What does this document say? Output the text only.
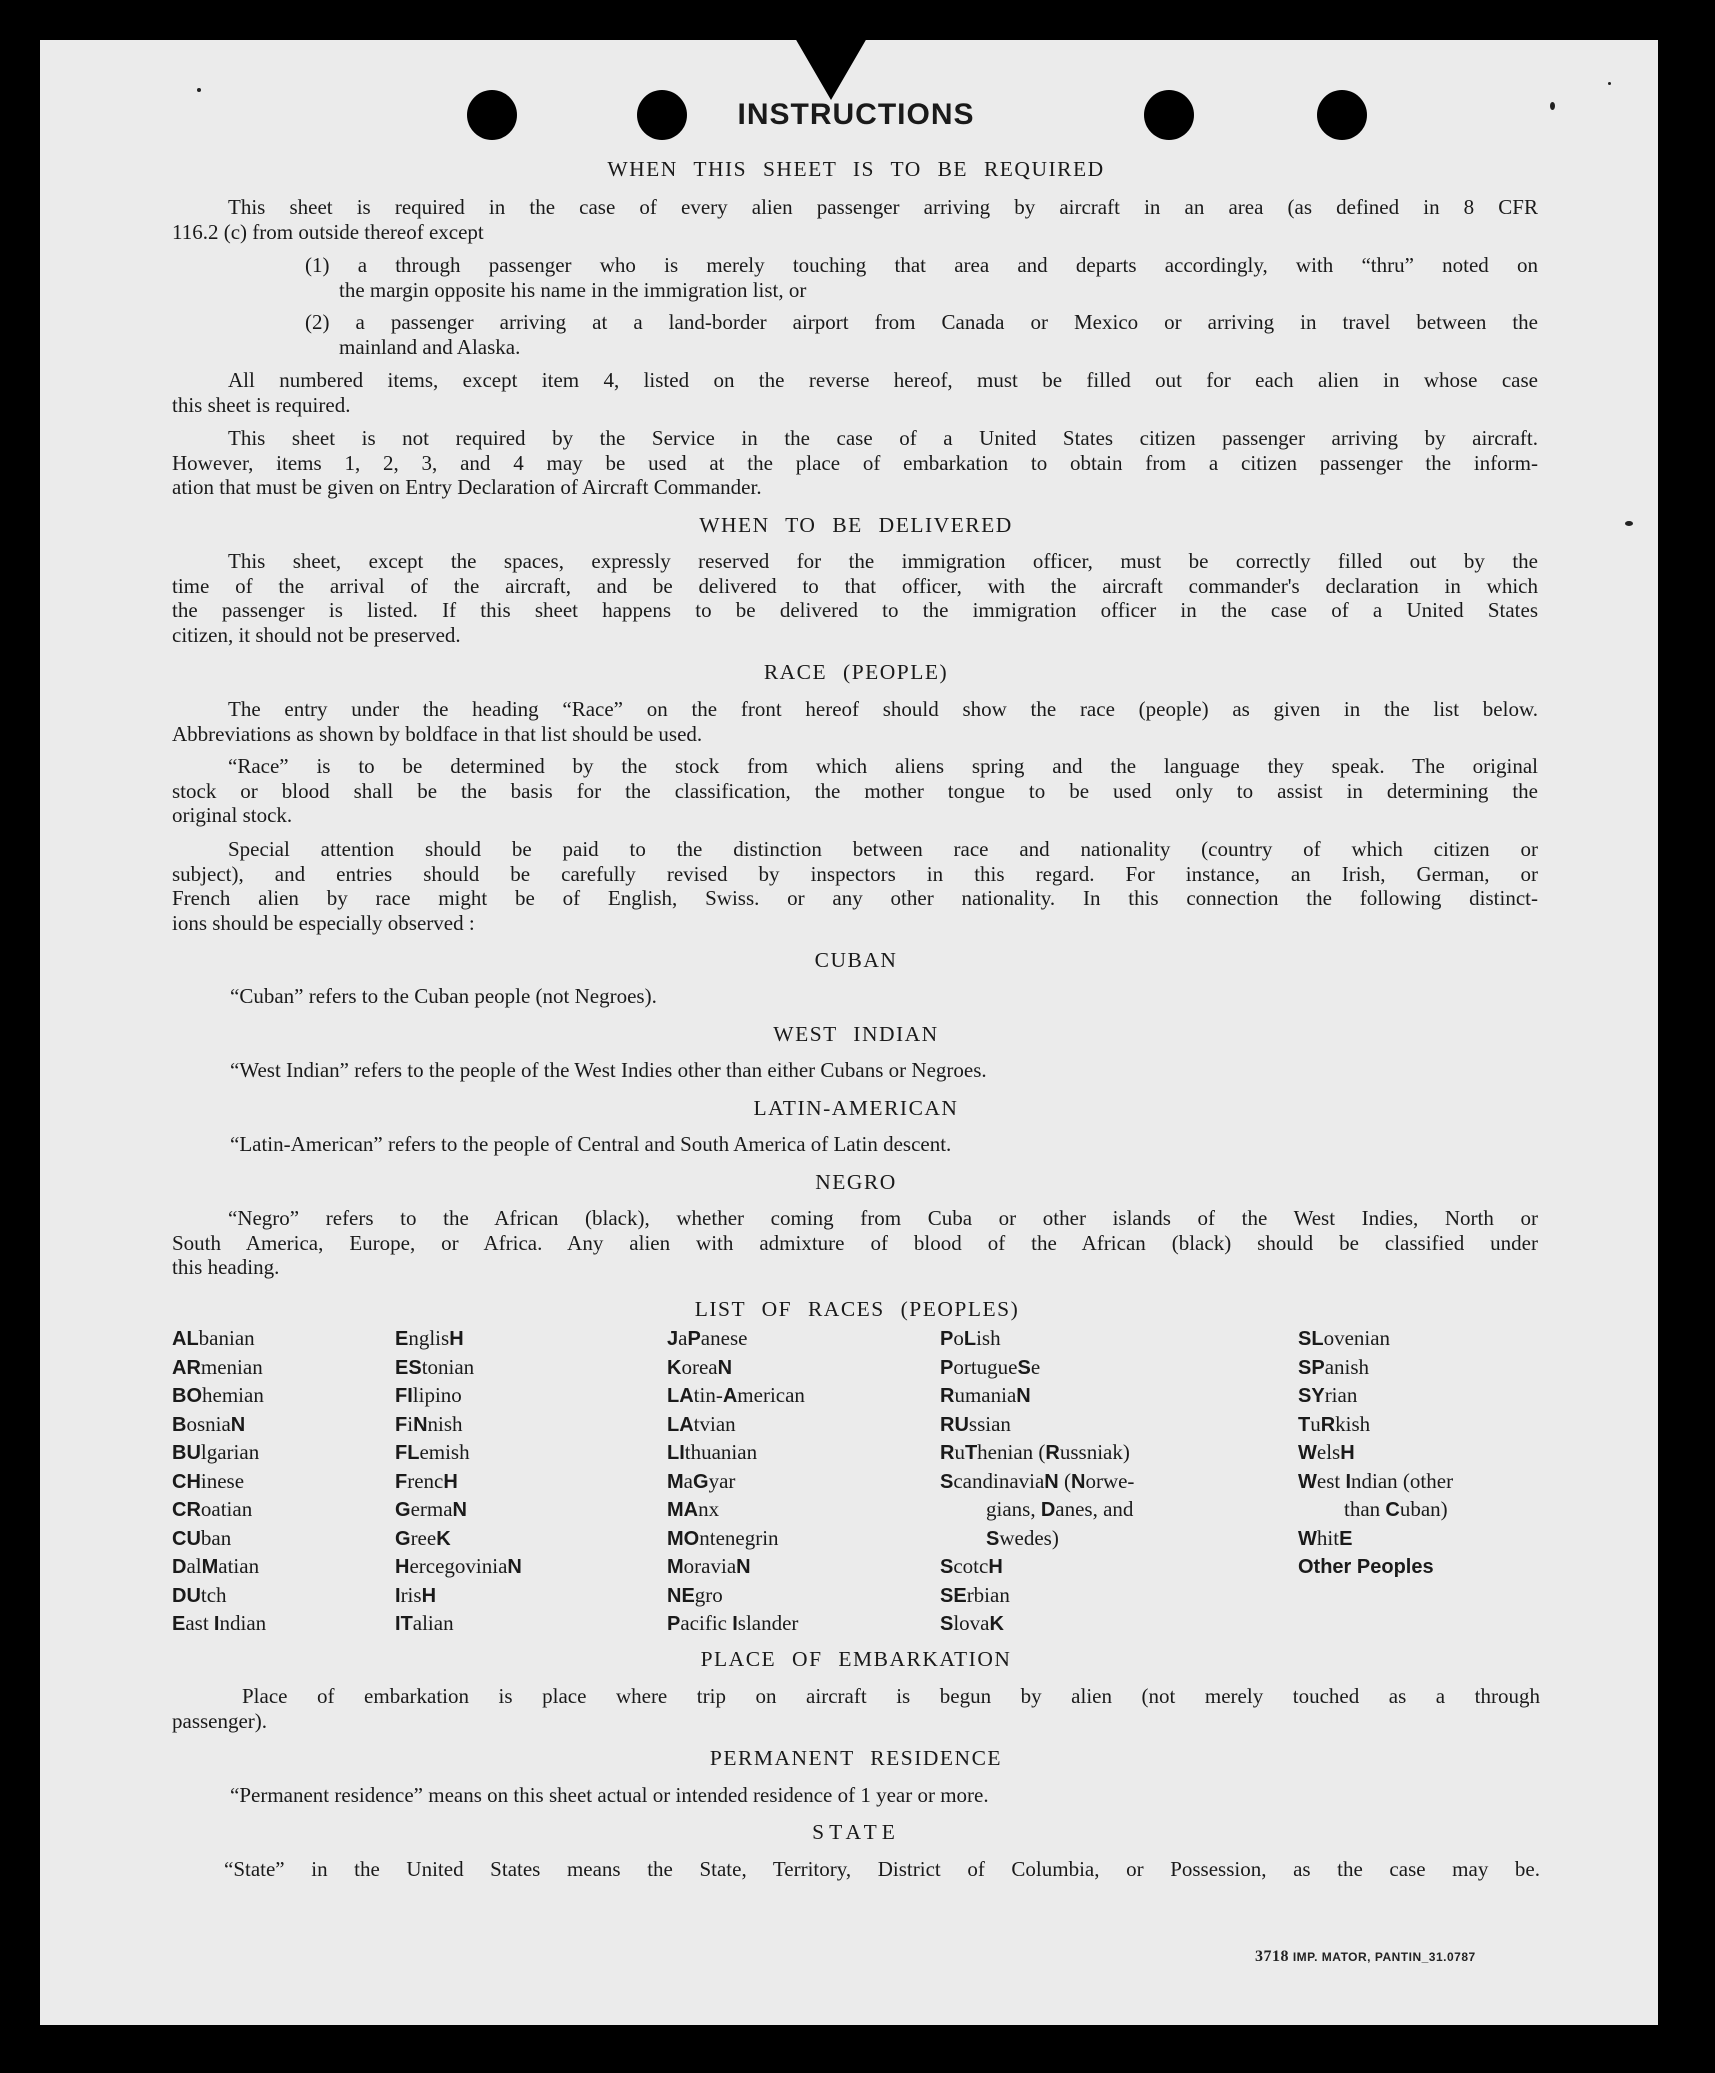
INSTRUCTIONS
WHEN THIS SHEET IS TO BE REQUIRED
This sheet is required in the case of every alien passenger arriving by aircraft in an area (as defined in 8 CFR
116.2 (c) from outside thereof except
(1) a through passenger who is merely touching that area and departs accordingly, with “thru” noted on
the margin opposite his name in the immigration list, or
(2) a passenger arriving at a land-border airport from Canada or Mexico or arriving in travel between the
mainland and Alaska.
All numbered items, except item 4, listed on the reverse hereof, must be filled out for each alien in whose case
this sheet is required.
This sheet is not required by the Service in the case of a United States citizen passenger arriving by aircraft.
However, items 1, 2, 3, and 4 may be used at the place of embarkation to obtain from a citizen passenger the inform-
ation that must be given on Entry Declaration of Aircraft Commander.
WHEN TO BE DELIVERED
This sheet, except the spaces, expressly reserved for the immigration officer, must be correctly filled out by the
time of the arrival of the aircraft, and be delivered to that officer, with the aircraft commander's declaration in which
the passenger is listed. If this sheet happens to be delivered to the immigration officer in the case of a United States
citizen, it should not be preserved.
RACE (PEOPLE)
The entry under the heading “Race” on the front hereof should show the race (people) as given in the list below.
Abbreviations as shown by boldface in that list should be used.
“Race” is to be determined by the stock from which aliens spring and the language they speak. The original
stock or blood shall be the basis for the classification, the mother tongue to be used only to assist in determining the
original stock.
Special attention should be paid to the distinction between race and nationality (country of which citizen or
subject), and entries should be carefully revised by inspectors in this regard. For instance, an Irish, German, or
French alien by race might be of English, Swiss. or any other nationality. In this connection the following distinct-
ions should be especially observed :
CUBAN
“Cuban” refers to the Cuban people (not Negroes).
WEST INDIAN
“West Indian” refers to the people of the West Indies other than either Cubans or Negroes.
LATIN-AMERICAN
“Latin-American” refers to the people of Central and South America of Latin descent.
NEGRO
“Negro” refers to the African (black), whether coming from Cuba or other islands of the West Indies, North or
South America, Europe, or Africa. Any alien with admixture of blood of the African (black) should be classified under
this heading.
LIST OF RACES (PEOPLES)
ALbanian
ARmenian
BOhemian
BosniaN
BUlgarian
CHinese
CRoatian
CUban
DalMatian
DUtch
East Indian
EnglisH
EStonian
FIlipino
FiNnish
FLemish
FrencH
GermaN
GreeK
HercegoviniaN
IrisH
ITalian
JaPanese
KoreaN
LAtin-American
LAtvian
LIthuanian
MaGyar
MAnx
MOntenegrin
MoraviaN
NEgro
Pacific Islander
PoLish
PortugueSe
RumaniaN
RUssian
RuThenian (Russniak)
ScandinaviaN (Norwe-
gians, Danes, and
Swedes)
ScotcH
SErbian
SlovaK
SLovenian
SPanish
SYrian
TuRkish
WelsH
West Indian (other
than Cuban)
WhitE
Other Peoples
PLACE OF EMBARKATION
Place of embarkation is place where trip on aircraft is begun by alien (not merely touched as a through
passenger).
PERMANENT RESIDENCE
“Permanent residence” means on this sheet actual or intended residence of 1 year or more.
STATE
“State” in the United States means the State, Territory, District of Columbia, or Possession, as the case may be.
3718 IMP. MATOR, PANTIN_31.0787
